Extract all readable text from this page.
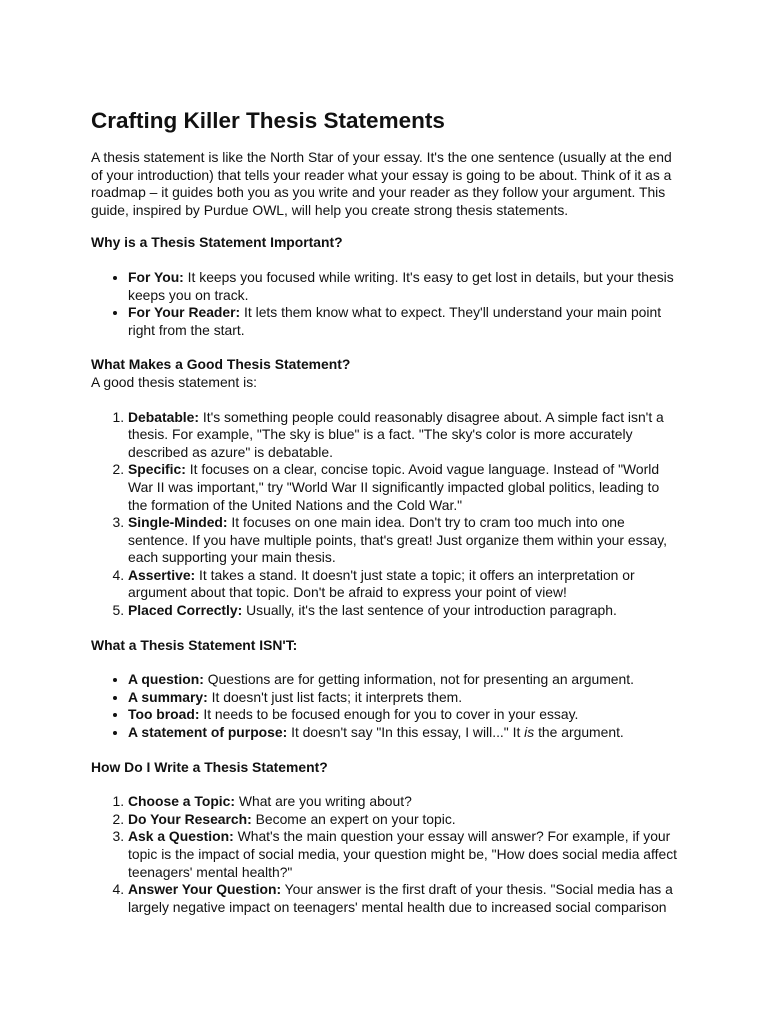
Crafting Killer Thesis Statements

A thesis statement is like the North Star of your essay. It's the one sentence (usually at the end of your introduction) that tells your reader what your essay is going to be about. Think of it as a roadmap – it guides both you as you write and your reader as they follow your argument. This guide, inspired by Purdue OWL, will help you create strong thesis statements.

Why is a Thesis Statement Important?

• For You: It keeps you focused while writing. It's easy to get lost in details, but your thesis keeps you on track.
• For Your Reader: It lets them know what to expect. They'll understand your main point right from the start.

What Makes a Good Thesis Statement?

A good thesis statement is:

1. Debatable: It's something people could reasonably disagree about. A simple fact isn't a thesis. For example, "The sky is blue" is a fact. "The sky's color is more accurately described as azure" is debatable.
2. Specific: It focuses on a clear, concise topic. Avoid vague language. Instead of "World War II was important," try "World War II significantly impacted global politics, leading to the formation of the United Nations and the Cold War."
3. Single-Minded: It focuses on one main idea. Don't try to cram too much into one sentence. If you have multiple points, that's great! Just organize them within your essay, each supporting your main thesis.
4. Assertive: It takes a stand. It doesn't just state a topic; it offers an interpretation or argument about that topic. Don't be afraid to express your point of view!
5. Placed Correctly: Usually, it's the last sentence of your introduction paragraph.

What a Thesis Statement ISN'T:

• A question: Questions are for getting information, not for presenting an argument.
• A summary: It doesn't just list facts; it interprets them.
• Too broad: It needs to be focused enough for you to cover in your essay.
• A statement of purpose: It doesn't say "In this essay, I will..." It is the argument.

How Do I Write a Thesis Statement?

1. Choose a Topic: What are you writing about?
2. Do Your Research: Become an expert on your topic.
3. Ask a Question: What's the main question your essay will answer? For example, if your topic is the impact of social media, your question might be, "How does social media affect teenagers' mental health?"
4. Answer Your Question: Your answer is the first draft of your thesis. "Social media has a largely negative impact on teenagers' mental health due to increased social comparison
